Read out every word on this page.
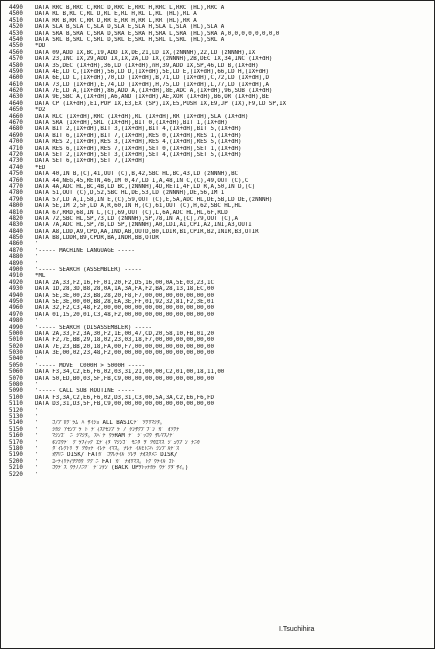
4490	DATA RRC B,RRC C,RRC D,RRC E,RRC H,RRC L,RRC (HL),RRC A
4500	DATA RL B,RL C,RL D,RL E,RL H,RL L,RL (HL),RL A
4510	DATA RR B,RR C,RR D,RR E,RR H,RR L,RR (HL),RR A
4520	DATA SLA B,SLA C,SLA D,SLA E,SLA H,SLA L,SLA (HL),SLA A
4530	DATA SRA B,SRA C,SRA D,SRA E,SRA H,SRA L,SRA (HL),SRA A,0,0,0,0,0,0,0,0
4540	DATA SRL B,SRL C,SRL D,SRL E,SRL H,SRL L,SRL (HL),SRL A
4550	*DD
4560	DATA 09,ADD IX,BC,19,ADD IX,DE,21,LD IX,(zNNNH),22,LD (zNNNH),IX
4570	DATA 23,INC IX,29,ADD IX,IX,2A,LD IX,(zNNNH),2B,DEC IX,34,INC (IX+dH)
4580	DATA 35,DEC (IX+dH),36,LD (IX+dH),nH,39,ADD IX,SP,46,LD B,(IX+dH)
4590	DATA 4E,LD C,(IX+dH),56,LD D,(IX+dH),5E,LD E,(IX+dH),66,LD H,(IX+dH)
4600	DATA 6E,LD L,(IX+dH),70,LD (IX+dH),B,71,LD (IX+dH),C,72,LD (IX+dH),D
4610	DATA 73,LD (IX+dH),E,74,LD (IX+dH),H,75,LD (IX+dH),L,77,LD (IX+dH),A
4620	DATA 7E,LD A,(IX+dH),86,ADD A,(IX+dH),8E,ADC A,(IX+dH),96,SUB (IX+dH)
4630	DATA 9E,SBC A,(IX+dH),A6,AND (IX+dH),AE,XOR (IX+dH),B6,OR (IX+dH),BE
4640	DATA CP (IX+dH),E1,POP IX,E3,EX (SP),IX,E5,PUSH IX,E9,JP (IX),F9,LD SP,IX
4650	*D2
4660	DATA RLC (IX+dH),RRC (IX+dH),RL (IX+dH),RR (IX+dH),SLA (IX+dH)
4670	DATA SRA (IX+dH),SRL (IX+dH),BIT 0,(IX+dH),BIT 1,(IX+dH)
4680	DATA BIT 2,(IX+dH),BIT 3,(IX+dH),BIT 4,(IX+dH),BIT 5,(IX+dH)
4690	DATA BIT 6,(IX+dH),BIT 7,(IX+dH),RES 0,(IX+dH),RES 1,(IX+dH)
4700	DATA RES 2,(IX+dH),RES 3,(IX+dH),RES 4,(IX+dH),RES 5,(IX+dH)
4710	DATA RES 6,(IX+dH),RES 7,(IX+dH),SET 0,(IX+dH),SET 1,(IX+dH)
4720	DATA SET 2,(IX+dH),SET 3,(IX+dH),SET 4,(IX+dH),SET 5,(IX+dH)
4730	DATA SET 6,(IX+dH),SET 7,(IX+dH)
4740	*ED
4750	DATA 40,IN B,(C),41,OUT (C),B,42,SBC HL,BC,43,LD (zNNNH),BC
4760	DATA 44,NEG,45,RETN,46,IM 0,47,LD I,A,48,IN C,(C),49,OUT (C),C
4770	DATA 4A,ADC HL,BC,4B,LD BC,(zNNNH),4D,RETI,4F,LD R,A,50,IN D,(C)
4780	DATA 51,OUT (C),D,52,SBC HL,DE,53,LD (zNNNH),DE,56,IM 1
4790	DATA 57,LD A,I,58,IN E,(C),59,OUT (C),E,5A,ADC HL,DE,5B,LD DE,(zNNNH)
4800	DATA 5E,IM 2,5F,LD A,R,60,IN H,(C),61,OUT (C),H,62,SBC HL,HL
4810	DATA 67,RRD,68,IN L,(C),69,OUT (C),L,6A,ADC HL,HL,6F,RLD
4820	DATA 72,SBC HL,SP,73,LD (zNNNH),SP,78,IN A,(C),79,OUT (C),A
4830	DATA 7A,ADC HL,SP,7B,LD SP,(zNNNH),A0,LDI,A1,CPI,A2,INI,A3,OUTI
4840	DATA A8,LDD,A9,CPD,AA,IND,AB,OUTD,B0,LDIR,B1,CPIR,B2,INIR,B3,OTIR
4850	DATA B8,LDDR,B9,CPDR,BA,INDR,BB,OTDR
4860	'
4870	'----- MACHINE LANGUAGE -----
4880	'
4890	'
4900	'----- SEARCH (ASSEMBLER) -----
4910	*ML
4920	DATA 2A,33,F2,16,FF,01,20,F2,D5,16,00,0A,5E,03,23,1C
4930	DATA 1D,28,3D,B8,28,0A,1A,3A,FA,F2,BA,28,13,18,EC,00
4940	DATA 5E,3E,00,23,B8,28,20,F8,F7,00,00,00,00,00,00,00
4950	DATA 5E,3E,00,00,B8,28,EA,3E,FF,01,92,32,81,F2,3E,01
4960	DATA 32,F2,C3,48,F2,00,00,00,00,00,00,00,00,00,00,00
4970	DATA 01,15,20,01,C3,48,F2,00,00,00,00,00,00,00,00,00
4980	'
4990	'----- SEARCH (DISASSEMBLER) -----
5000	DATA 2A,33,F2,3A,30,F2,1E,00,47,CD,20,58,10,FB,01,20
5010	DATA F2,7E,BB,29,18,02,23,03,18,F7,00,00,00,00,00,00
5020	DATA 7E,23,BB,20,18,FA,00,F7,00,00,00,00,00,00,00,00
5030	DATA 3E,00,02,23,48,F2,00,00,00,00,00,00,00,00,00,00
5040	'
5050	'----- MOVE  C000H > 5000H -----
5060	DATA F3,34,C2,E6,F6,02,03,31,21,00,00,C2,01,00,18,11,00
5070	DATA 50,ED,B0,03,5F,FB,C9,00,00,00,00,00,00,00,00,00
5080	'
5090	'----- CALL SUB ROUTINE -----
5100	DATA F3,3A,C2,E6,F6,02,D3,31,C3,00,5A,3A,C2,E6,F6,FD
5110	DATA D3,31,D3,5F,FB,C9,00,00,00,00,00,00,00,00,00,00
5120	'
5130	'
5140	'    ｺﾉﾌﾟﾛｸﾞﾗﾑ ﾊ ｻｲｼｮ ALL BASICﾃﾞ ﾂｸﾘﾏｼﾀ｡
5150	'    ｼｶｼ ｱｾﾝﾌﾞﾗ ﾄ ﾃﾞｨｽｱｾﾝﾌﾞﾗ ﾉ ｹﾝｻｸﾌﾞﾌﾞﾝ ｶﾞ ｵｿｸﾃ
5160	'    ﾏｼﾝｺﾞ ﾆ ｼﾏｼﾀ｡ ｽﾍﾞﾃ ｳﾗRAM ﾃﾞ ｼﾞｯｺｳ ｻﾚﾏｽﾉﾃﾞ
5170	'    ﾎﾝｺｳﾃﾞ ｸﾞﾗﾌｨｯｸ ｴﾃﾞｨﾀ ﾏｼﾝｺﾞ ﾓﾆﾀ ｦ ﾂｶｴﾏｽ ｼﾞｭｳﾌﾞﾝ ﾅﾆｶ
5180	'    ﾀﾞｲﾚｸﾄﾘ ｦ ﾂｶｯﾃ ｲﾚﾃ ｲﾏｽ｡ ﾅﾚﾃ ｲﾙﾋﾄﾆﾊ ｼﾝﾌﾟﾙﾃﾞｽ
5190	'    ｵﾜﾘﾆ DISK/ FATｶﾞ ｺﾜﾚﾃｲﾙ ｿﾚｦ ﾅｵｽﾀﾒﾆ DISK/
5200	'    ﾕｰﾃｨﾘﾃｨｦﾂｶｳ ﾂｸﾞﾆ FAT ｶﾞ ﾅｵﾘﾏｽ｡ ﾄｸﾞｳﾃｲﾙ ｺﾄ
5210	'    ｺｳﾃﾞｽ ｳﾁﾉﾉﾆﾂﾞ ﾃﾞﾝｹﾝ (BACK UPｦﾄｯﾃｶﾗ ｳﾃﾞｸﾀﾞｻｲ｡)
5220	'
I.Tsuchihira
